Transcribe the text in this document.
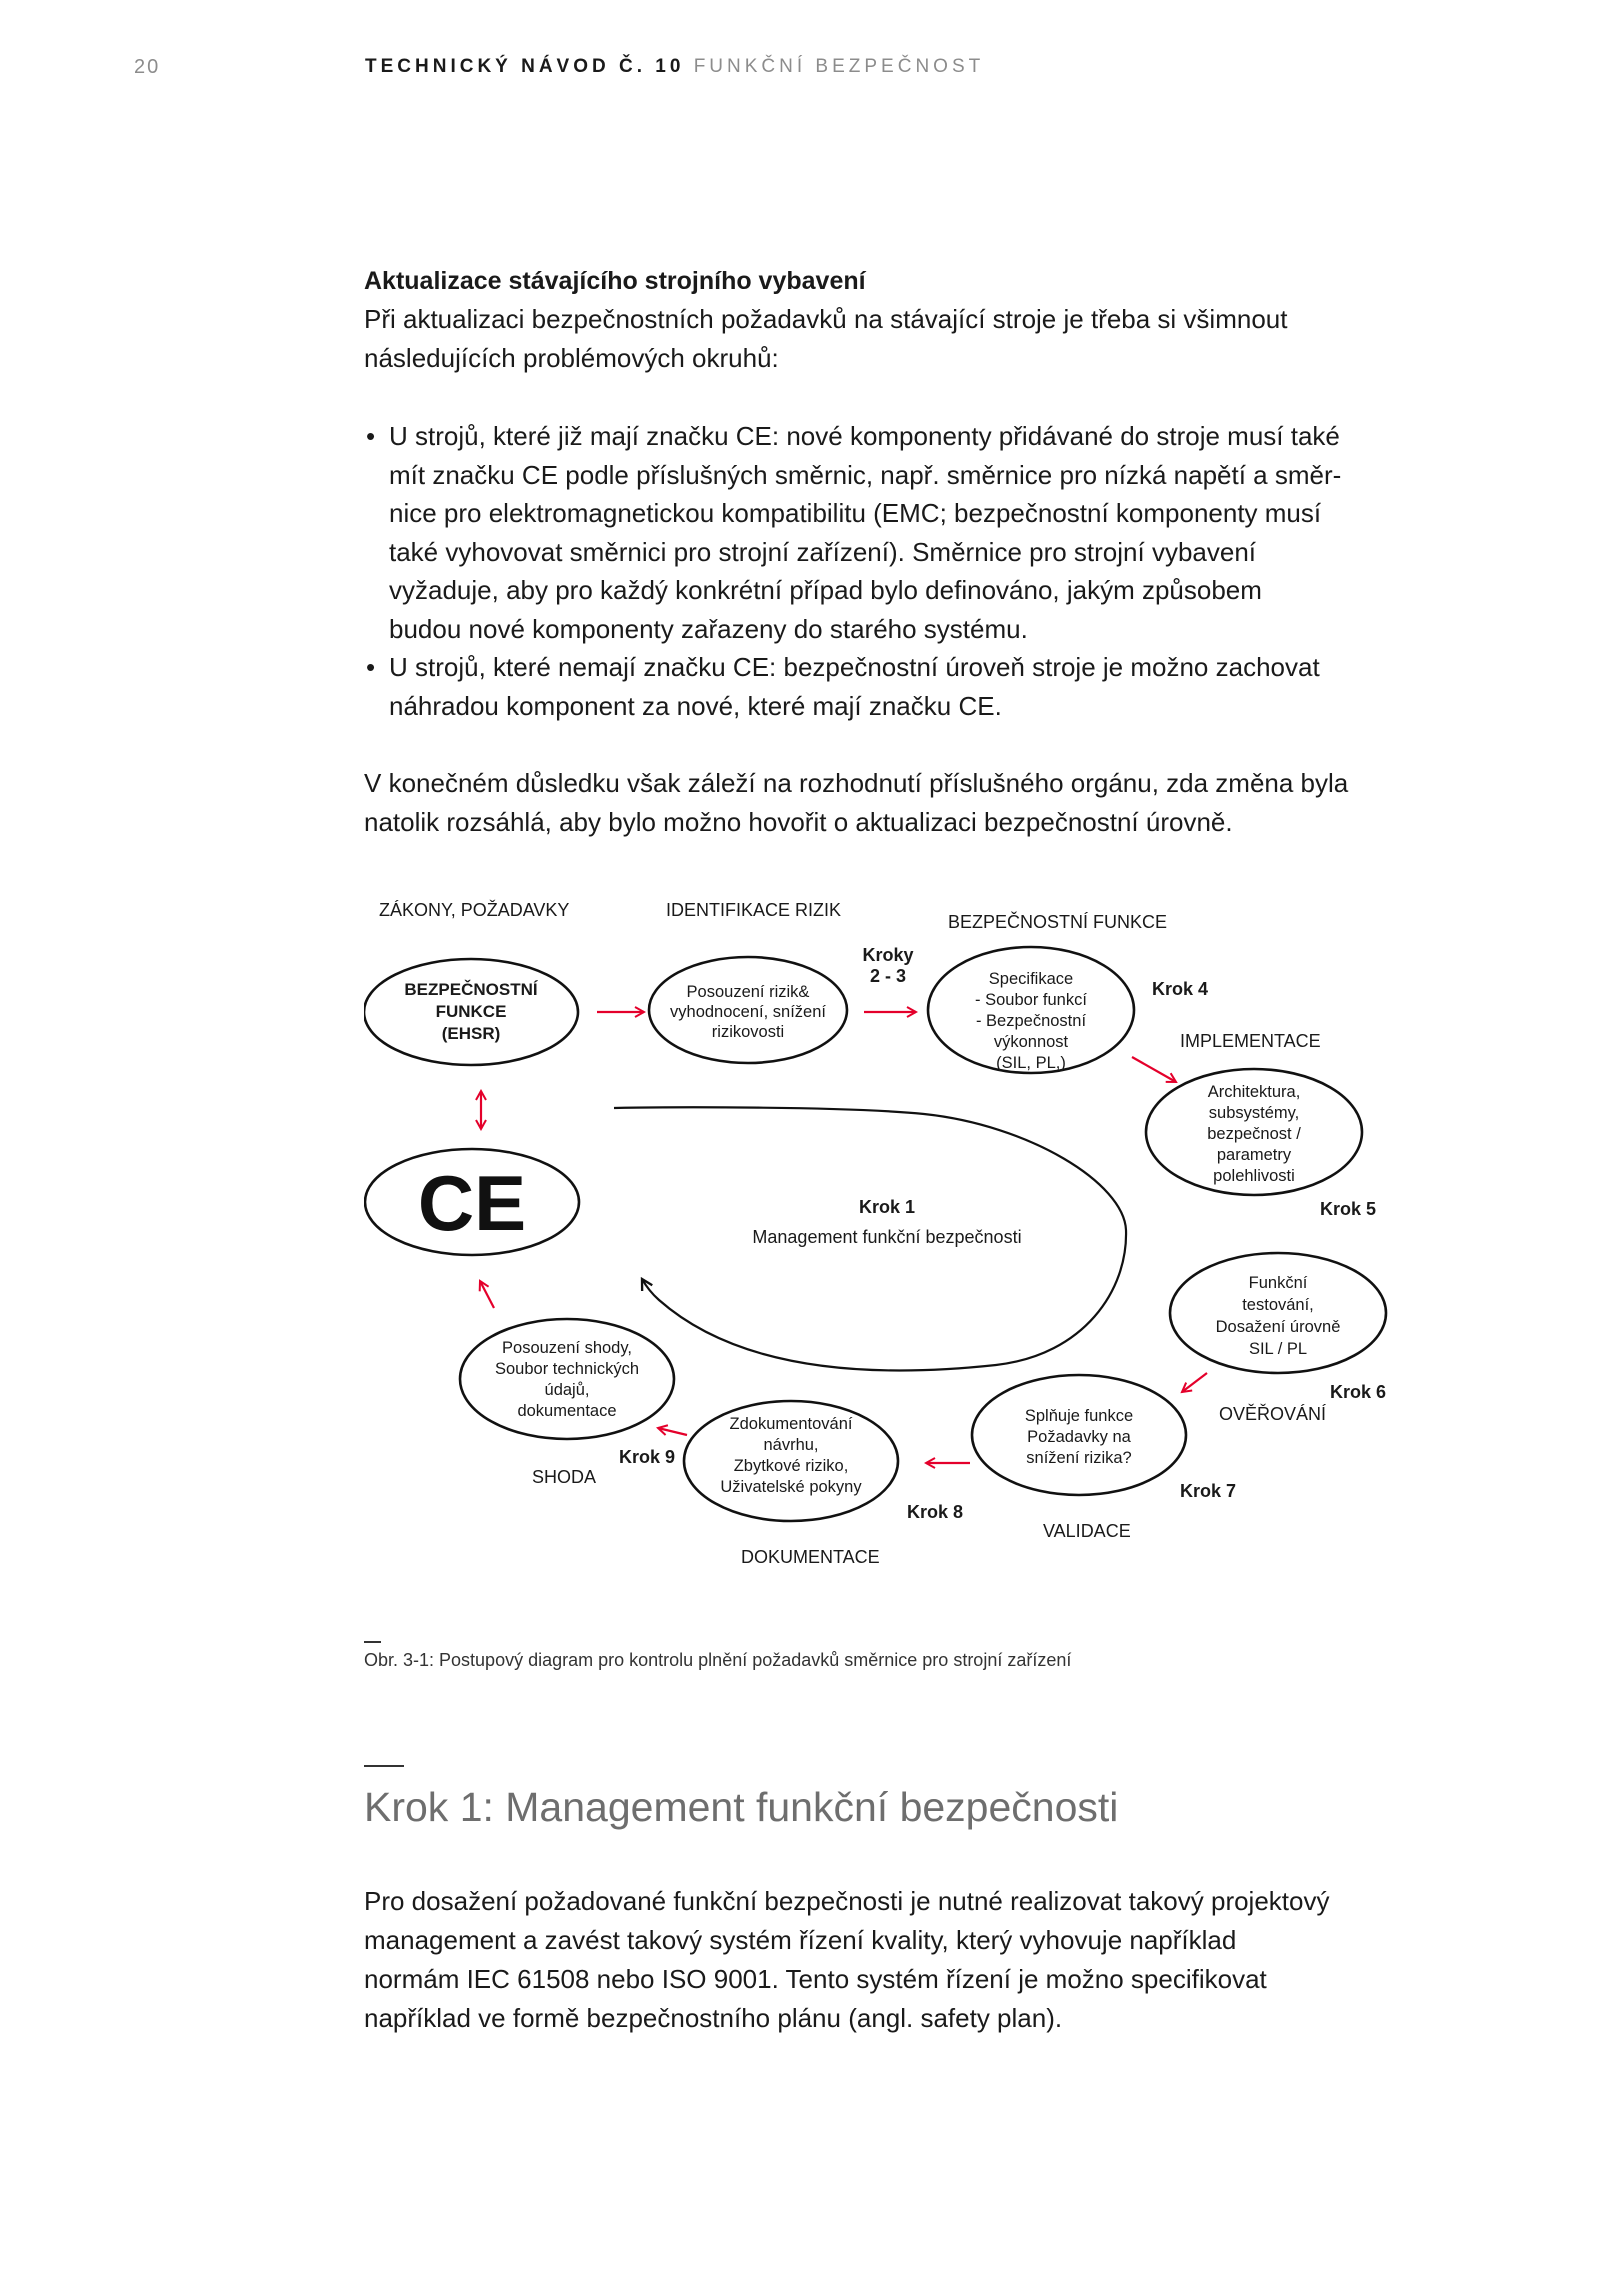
20	TECHNICKÝ NÁVOD Č. 10 FUNKČNÍ BEZPEČNOST

Aktualizace stávajícího strojního vybavení

Při aktualizaci bezpečnostních požadavků na stávající stroje je třeba si všimnout

následujících problémových okruhů:

• U strojů, které již mají značku CE: nové komponenty přidávané do stroje musí také
mít značku CE podle příslušných směrnic, např. směrnice pro nízká napětí a směr-
nice pro elektromagnetickou kompatibilitu (EMC; bezpečnostní komponenty musí
také vyhovovat směrnici pro strojní zařízení). Směrnice pro strojní vybavení
vyžaduje, aby pro každý konkrétní případ bylo definováno, jakým způsobem
budou nové komponenty zařazeny do starého systému.
• U strojů, které nemají značku CE: bezpečnostní úroveň stroje je možno zachovat
náhradou komponent za nové, které mají značku CE.

V konečném důsledku však záleží na rozhodnutí příslušného orgánu, zda změna byla

natolik rozsáhlá, aby bylo možno hovořit o aktualizaci bezpečnostní úrovně.

ZÁKONY, POŽADAVKY	IDENTIFIKACE RIZIK
BEZPEČNOSTNÍ FUNKCE
IMPLEMENTACE
OVĚŘOVÁNÍ
VALIDACE
DOKUMENTACE
SHODA
Kroky
2 - 3
Krok 4
Krok 5
Krok 6
Krok 7
Krok 8
Krok 9
Krok 1
Management funkční bezpečnosti
BEZPEČNOSTNÍ
FUNKCE
(EHSR)
CE
Posouzení rizik&
vyhodnocení, snížení
rizikovosti
Specifikace
- Soubor funkcí
- Bezpečnostní
výkonnost
(SIL, PL,)
Architektura,
subsystémy,
bezpečnost /
parametry
polehlivosti
Funkční
testování,
Dosažení úrovně
SIL / PL
Splňuje funkce
Požadavky na
snížení rizika?
Zdokumentování
návrhu,
Zbytkové riziko,
Uživatelské pokyny
Posouzení shody,
Soubor technických
údajů,
dokumentace
Obr. 3-1: Postupový diagram pro kontrolu plnění požadavků směrnice pro strojní zařízení
Krok 1: Management funkční bezpečnosti

Pro dosažení požadované funkční bezpečnosti je nutné realizovat takový projektový

management a zavést takový systém řízení kvality, který vyhovuje například

normám IEC 61508 nebo ISO 9001. Tento systém řízení je možno specifikovat

například ve formě bezpečnostního plánu (angl. safety plan).
